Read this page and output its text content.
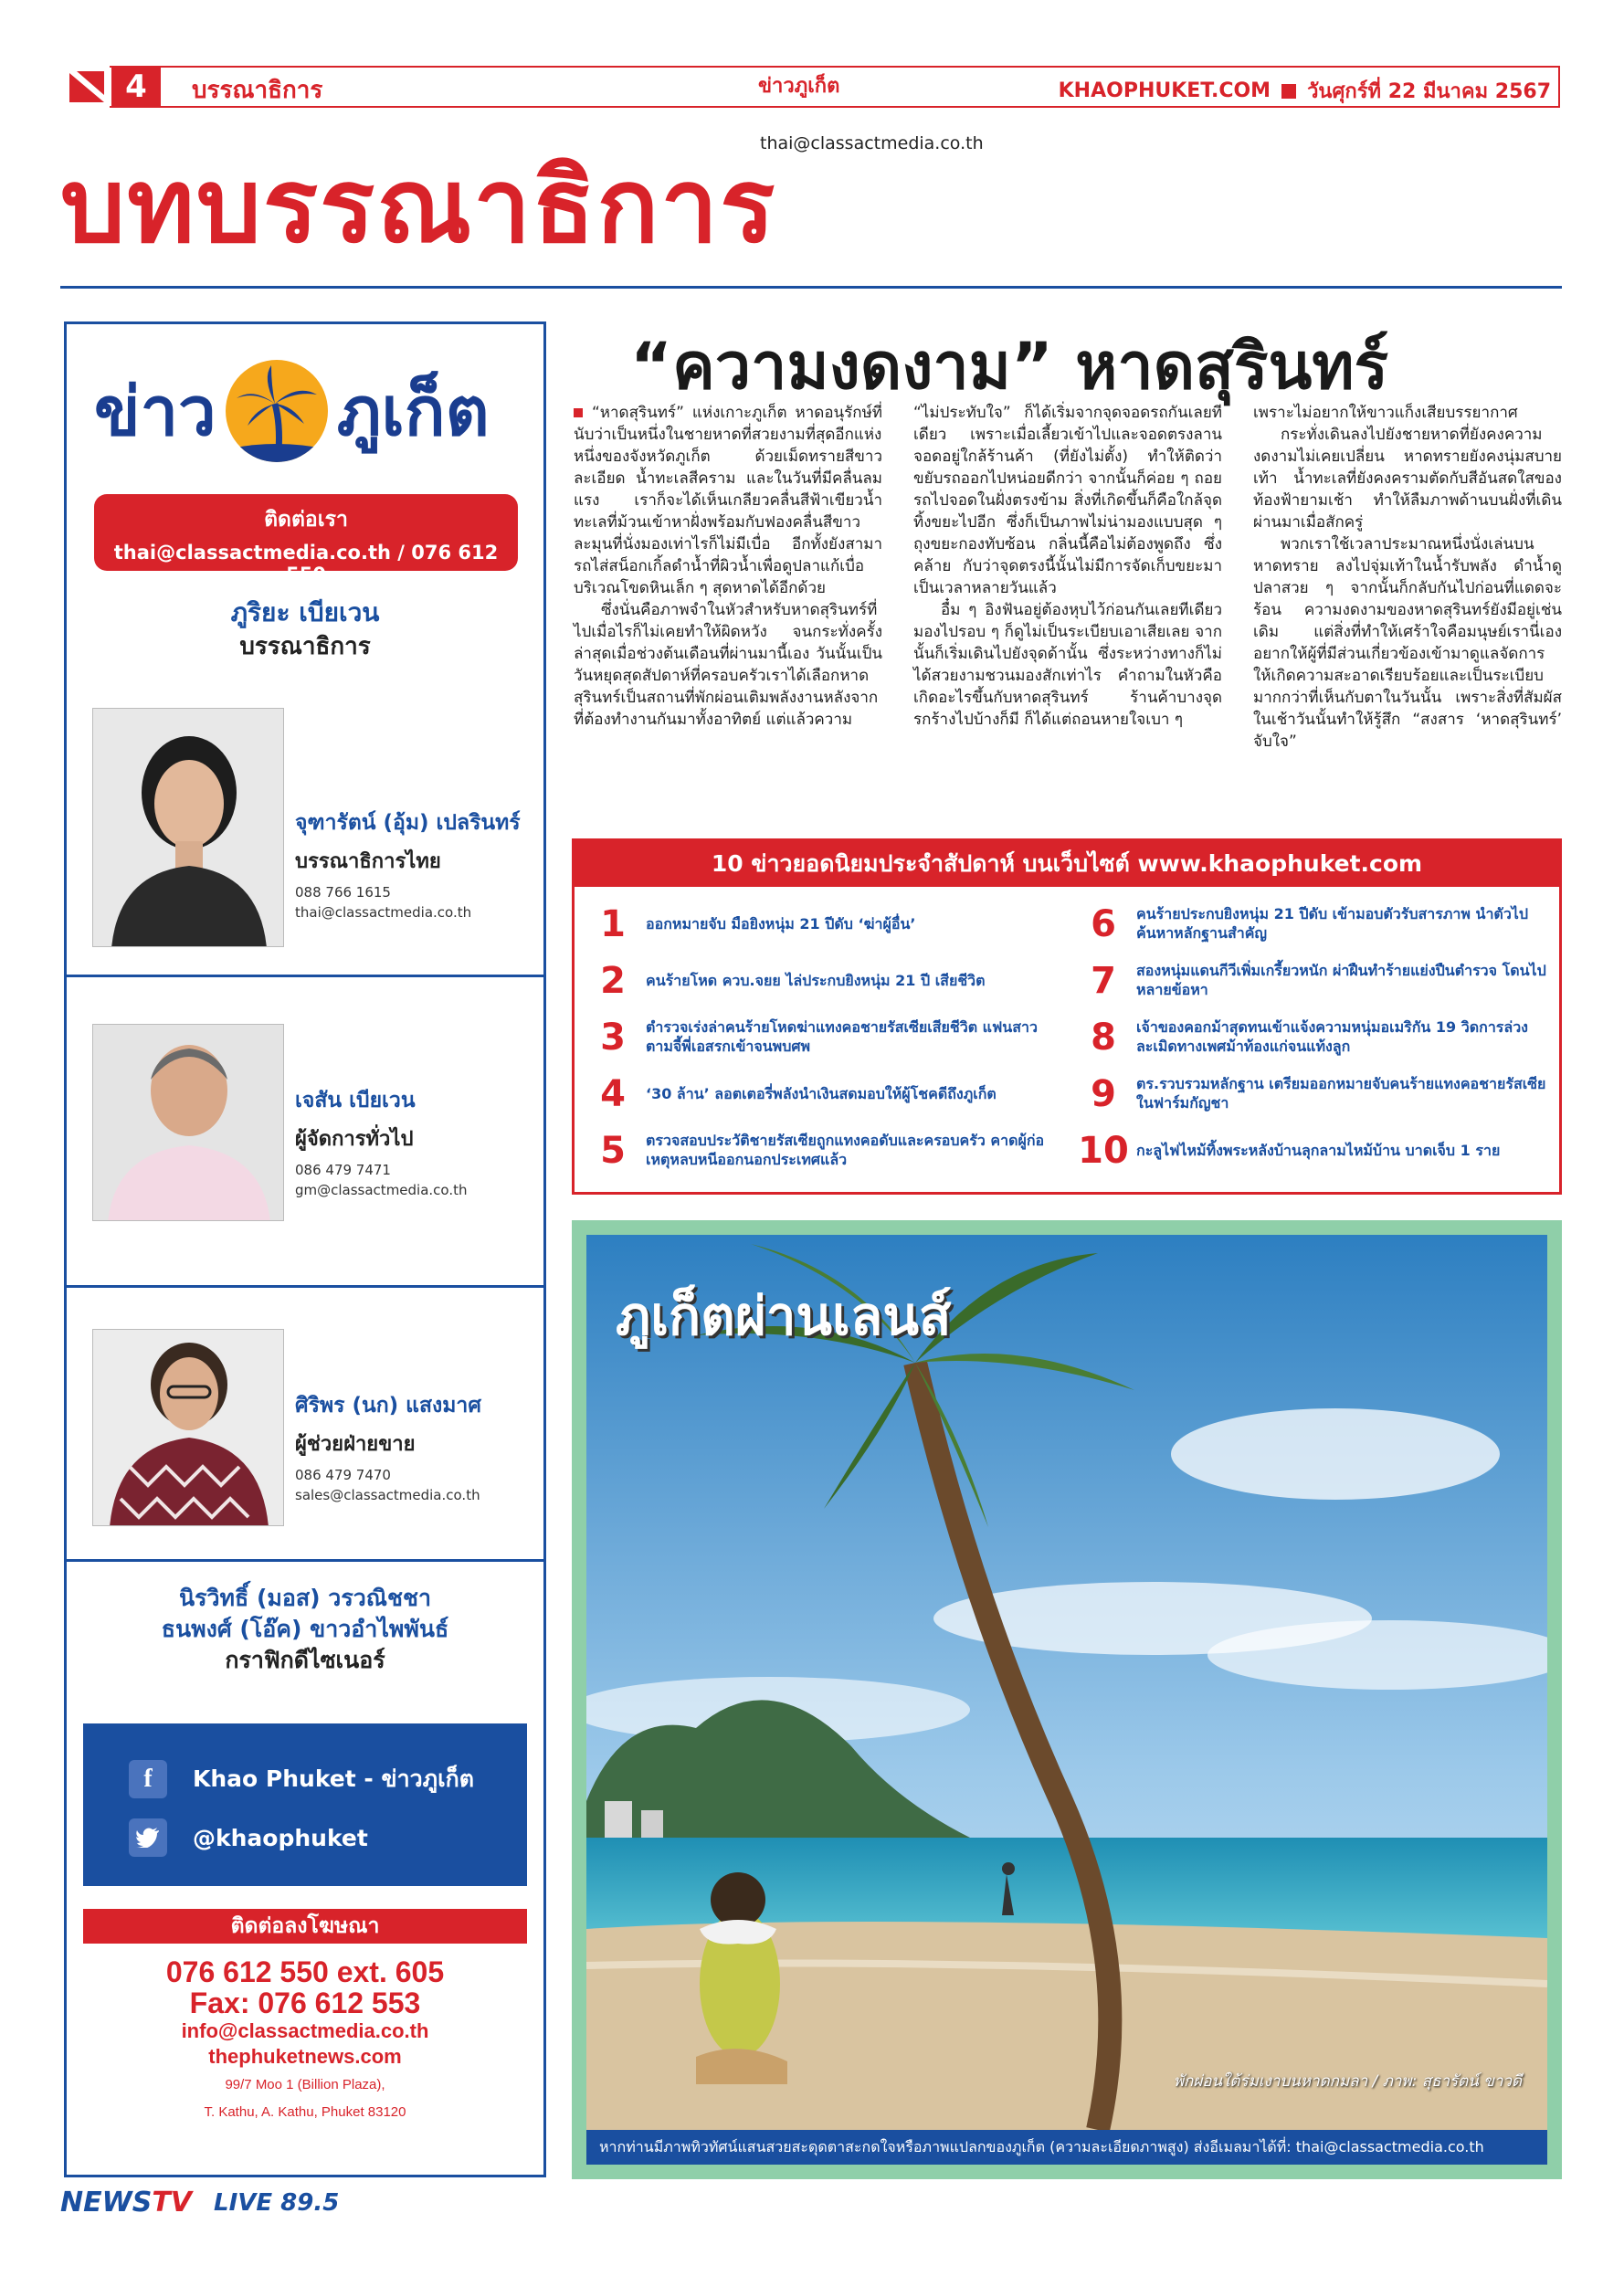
4	บรรณาธิการ	ข่าวภูเก็ต	KHAOPHUKET.COM วันศุกร์ที่ 22 มีนาคม 2567
thai@classactmedia.co.th
บทบรรณาธิการ
ข่าว ภูเก็ต
ติดต่อเรา
thai@classactmedia.co.th / 076 612 550
ภูริยะ เบียเวน
บรรณาธิการ
จุฑารัตน์ (อุ้ม) เปลรินทร์
บรรณาธิการไทย
088 766 1615
thai@classactmedia.co.th
เจสัน เบียเวน
ผู้จัดการทั่วไป
086 479 7471
gm@classactmedia.co.th
ศิริพร (นก) แสงมาศ
ผู้ช่วยฝ่ายขาย
086 479 7470
sales@classactmedia.co.th
นิรวิทธิ์ (มอส) วรวณิชชา
ธนพงศ์ (โอ๊ค) ขาวอำไพพันธ์
กราฟิกดีไซเนอร์
f	Khao Phuket - ข่าวภูเก็ต
@khaophuket
ติดต่อลงโฆษณา
076 612 550 ext. 605
Fax: 076 612 553
info@classactmedia.co.th
thephuketnews.com
99/7 Moo 1 (Billion Plaza),
T. Kathu, A. Kathu, Phuket 83120
“ความงดงาม” หาดสุรินทร์

“หาดสุรินทร์” แห่งเกาะภูเก็ต หาดอนุรักษ์ที่นับว่าเป็นหนึ่งในชายหาดที่สวยงามที่สุดอีกแห่งหนึ่งของจังหวัดภูเก็ต ด้วยเม็ดทรายสีขาวละเอียด น้ำทะเลสีคราม และในวันที่มีคลื่นลมแรง เราก็จะได้เห็นเกลียวคลื่นสีฟ้าเขียวน้ำทะเลที่ม้วนเข้าหาฝั่งพร้อมกับฟองคลื่นสีขาวละมุนที่นั่งมองเท่าไรก็ไม่มีเบื่อ อีกทั้งยังสามารถไส่สน็อกเกิ้ลดำน้ำที่ผิวน้ำเพื่อดูปลาแก้เบื่อบริเวณโขดหินเล็ก ๆ สุดหาดได้อีกด้วย

ซึ่งนั่นคือภาพจำในหัวสำหรับหาดสุรินทร์ที่ไปเมื่อไรก็ไม่เคยทำให้ผิดหวัง จนกระทั่งครั้งล่าสุดเมื่อช่วงต้นเดือนที่ผ่านมานี้เอง วันนั้นเป็นวันหยุดสุดสัปดาห์ที่ครอบครัวเราได้เลือกหาดสุรินทร์เป็นสถานที่พักผ่อนเติมพลังงานหลังจากที่ต้องทำงานกันมาทั้งอาทิตย์ แต่แล้วความ

“ไม่ประทับใจ” ก็ได้เริ่มจากจุดจอดรถกันเลยทีเดียว เพราะเมื่อเลี้ยวเข้าไปและจอดตรงลานจอดอยู่ใกล้ร้านค้า (ที่ยังไม่ตั้ง) ทำให้ติดว่าขยับรถออกไปหน่อยดีกว่า จากนั้นก็ค่อย ๆ ถอยรถไปจอดในฝั่งตรงข้าม สิ่งที่เกิดขึ้นก็คือใกล้จุดทิ้งขยะไปอีก ซึ่งก็เป็นภาพไม่น่ามองแบบสุด ๆ ถุงขยะกองทับซ้อน กลิ่นนี้คือไม่ต้องพูดถึง ซึ่งคล้าย กับว่าจุดตรงนี้นั้นไม่มีการจัดเก็บขยะมาเป็นเวลาหลายวันแล้ว

อื๋ม ๆ อิงฟันอยู่ต้องหุบไว้ก่อนกันเลยทีเดียว มองไปรอบ ๆ ก็ดูไม่เป็นระเบียบเอาเสียเลย จากนั้นก็เริ่มเดินไปยังจุดด้านั้น ซึ่งระหว่างทางก็ไม่ได้สวยงามชวนมองสักเท่าไร คำถามในหัวคือเกิดอะไรขึ้นกับหาดสุรินทร์ ร้านค้าบางจุดรกร้างไปบ้างก็มี ก็ได้แต่ถอนหายใจเบา ๆ

เพราะไม่อยากให้ขาวแก็งเสียบรรยากาศ

กระทั่งเดินลงไปยังชายหาดที่ยังคงความงดงามไม่เคยเปลี่ยน หาดทรายยังคงนุ่มสบายเท้า น้ำทะเลที่ยังคงครามตัดกับสีอันสดใสของท้องฟ้ายามเช้า ทำให้ลืมภาพด้านบนฝั่งที่เดินผ่านมาเมื่อสักครู่

พวกเราใช้เวลาประมาณหนึ่งนั่งเล่นบนหาดทราย ลงไปจุ่มเท้าในน้ำรับพลัง ดำน้ำดูปลาสวย ๆ จากนั้นก็กลับกันไปก่อนที่แดดจะร้อน ความงดงามของหาดสุรินทร์ยังมีอยู่เช่นเดิม แต่สิ่งที่ทำให้เศร้าใจคือมนุษย์เรานี่เอง อยากให้ผู้ที่มีส่วนเกี่ยวข้องเข้ามาดูแลจัดการให้เกิดความสะอาดเรียบร้อยและเป็นระเบียบมากกว่าที่เห็นกับตาในวันนั้น เพราะสิ่งที่สัมผัสในเช้าวันนั้นทำให้รู้สึก “สงสาร ‘หาดสุรินทร์’ จับใจ”

10 ข่าวยอดนิยมประจำสัปดาห์ บนเว็บไซต์ www.khaophuket.com
1	ออกหมายจับ มือยิงหนุ่ม 21 ปีดับ ‘ฆ่าผู้อื่น’	6	คนร้ายประกบยิงหนุ่ม 21 ปีดับ เข้ามอบตัวรับสารภาพ นำตัวไปค้นหาหลักฐานสำคัญ
2	คนร้ายโหด ควบ.จยย ไล่ประกบยิงหนุ่ม 21 ปี เสียชีวิต	7	สองหนุ่มแดนกีวีเพิ่มเกรี้ยวหนัก ผ่าฝืนทำร้ายแย่งปืนตำรวจ โดนไปหลายข้อหา
3	ตำรวจเร่งล่าคนร้ายโหดฆ่าแทงคอชายรัสเซียเสียชีวิต แฟนสาวตามจี้พี่เอสรกเข้าจนพบศพ	8	เจ้าของคอกม้าสุดทนเข้าแจ้งความหนุ่มอเมริกัน 19 วิดการล่วงละเมิดทางเพศม้าท้องแก่จนแท้งลูก
4	‘30 ล้าน’ ลอตเตอรี่พลังนำเงินสดมอบให้ผู้โชคดีถึงภูเก็ต	9	ตร.รวบรวมหลักฐาน เตรียมออกหมายจับคนร้ายแทงคอชายรัสเซียในฟาร์มกัญชา
5	ตรวจสอบประวัติชายรัสเซียถูกแทงคอดับและครอบครัว คาดผู้ก่อเหตุหลบหนีออกนอกประเทศแล้ว	10 กะลูไฟไหม้ทิ้งพระหลังบ้านลุกลามไหม้บ้าน บาดเจ็บ 1 ราย
ภูเก็ตผ่านเลนส์
พักผ่อนใต้ร่มเงาบนหาดกมลา / ภาพ: สุธารัตน์ ขาวดี
หากท่านมีภาพทิวทัศน์แสนสวยสะดุดตาสะกดใจหรือภาพแปลกของภูเก็ต (ความละเอียดภาพสูง) ส่งอีเมลมาได้ที่: thai@classactmedia.co.th
NEWSTV LIVE 89.5
